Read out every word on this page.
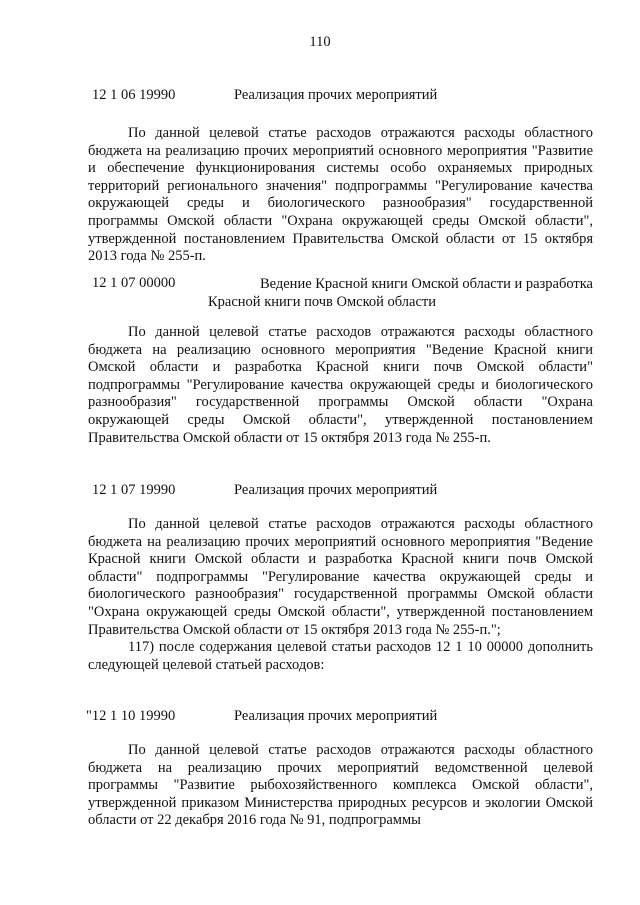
110
12 1 06 19990	Реализация прочих мероприятий

По данной целевой статье расходов отражаются расходы областного бюджета на реализацию прочих мероприятий основного мероприятия "Развитие и обеспечение функционирования системы особо охраняемых природных территорий регионального значения" подпрограммы "Регулирование качества окружающей среды и биологического разнообразия" государственной программы Омской области "Охрана окружающей среды Омской области", утвержденной постановлением Правительства Омской области от 15 октября 2013 года № 255-п.

12 1 07 00000	Ведение Красной книги Омской области и разработка
Красной книги почв Омской области

По данной целевой статье расходов отражаются расходы областного бюджета на реализацию основного мероприятия "Ведение Красной книги Омской области и разработка Красной книги почв Омской области" подпрограммы "Регулирование качества окружающей среды и биологического разнообразия" государственной программы Омской области "Охрана окружающей среды Омской области", утвержденной постановлением Правительства Омской области от 15 октября 2013 года № 255-п.

12 1 07 19990	Реализация прочих мероприятий

По данной целевой статье расходов отражаются расходы областного бюджета на реализацию прочих мероприятий основного мероприятия "Ведение Красной книги Омской области и разработка Красной книги почв Омской области" подпрограммы "Регулирование качества окружающей среды и биологического разнообразия" государственной программы Омской области "Охрана окружающей среды Омской области", утвержденной постановлением Правительства Омской области от 15 октября 2013 года № 255-п.";

117) после содержания целевой статьи расходов 12 1 10 00000 дополнить следующей целевой статьей расходов:

"12 1 10 19990	Реализация прочих мероприятий

По данной целевой статье расходов отражаются расходы областного бюджета на реализацию прочих мероприятий ведомственной целевой программы "Развитие рыбохозяйственного комплекса Омской области", утвержденной приказом Министерства природных ресурсов и экологии Омской области от 22 декабря 2016 года № 91, подпрограммы
